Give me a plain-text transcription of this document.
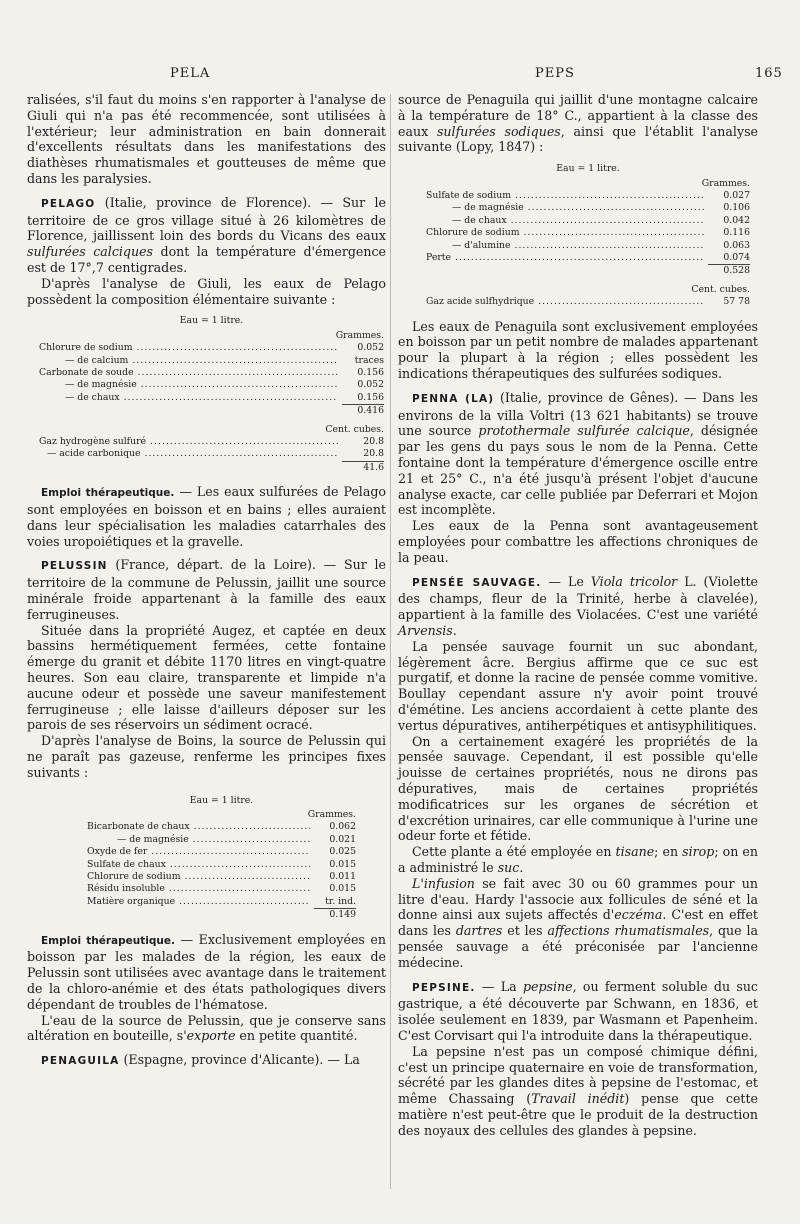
PELA	PEPS	165

ralisées, s'il faut du moins s'en rapporter à l'analyse de Giuli qui n'a pas été recommencée, sont utilisées à l'extérieur; leur administration en bain donnerait d'excellents résultats dans les manifestations des diathèses rhumatismales et goutteuses de même que dans les paralysies.

PELAGO (Italie, province de Florence). — Sur le territoire de ce gros village situé à 26 kilomètres de Florence, jaillissent loin des bords du Vicans des eaux sulfurées calciques dont la température d'émergence est de 17°,7 centigrades.

D'après l'analyse de Giuli, les eaux de Pelago possèdent la composition élémentaire suivante :

Eau = 1 litre.
Grammes.
Chlorure de sodium .....	0.052
— de calcium .....	traces
Carbonate de soude .....	0.156
— de magnésie .....	0.052
— de chaux .....	0.156
0.416
Cent. cubes.
Gaz hydrogène sulfuré .....	20.8
— acide carbonique .....	20.8
41.6

Emploi thérapeutique. — Les eaux sulfurées de Pelago sont employées en boisson et en bains ; elles auraient dans leur spécialisation les maladies catarrhales des voies uropoiétiques et la gravelle.

PELUSSIN (France, départ. de la Loire). — Sur le territoire de la commune de Pelussin, jaillit une source minérale froide appartenant à la famille des eaux ferrugineuses.

Située dans la propriété Augez, et captée en deux bassins hermétiquement fermées, cette fontaine émerge du granit et débite 1170 litres en vingt-quatre heures. Son eau claire, transparente et limpide n'a aucune odeur et possède une saveur manifestement ferrugineuse ; elle laisse d'ailleurs déposer sur les parois de ses réservoirs un sédiment ocracé.

D'après l'analyse de Boins, la source de Pelussin qui ne paraît pas gazeuse, renferme les principes fixes suivants :

Eau = 1 litre.
Grammes.
Bicarbonate de chaux .....	0.062
— de magnésie .....	0.021
Oxyde de fer .....	0.025
Sulfate de chaux .....	0.015
Chlorure de sodium .....	0.011
Résidu insoluble .....	0.015
Matière organique .....	tr. ind.
0.149

Emploi thérapeutique. — Exclusivement employées en boisson par les malades de la région, les eaux de Pelussin sont utilisées avec avantage dans le traitement de la chloro-anémie et des états pathologiques divers dépendant de troubles de l'hématose.

L'eau de la source de Pelussin, que je conserve sans altération en bouteille, s'exporte en petite quantité.

PENAGUILA (Espagne, province d'Alicante). — La

source de Penaguila qui jaillit d'une montagne calcaire à la température de 18° C., appartient à la classe des eaux sulfurées sodiques, ainsi que l'établit l'analyse suivante (Lopy, 1847) :

Eau = 1 litre.
Grammes.
Sulfate de sodium .....	0.027
— de magnésie .....	0.106
— de chaux .....	0.042
Chlorure de sodium .....	0.116
— d'alumine .....	0.063
Perte .....	0.074
0.528
Cent. cubes.
Gaz acide sulfhydrique .....	57 78

Les eaux de Penaguila sont exclusivement employées en boisson par un petit nombre de malades appartenant pour la plupart à la région ; elles possèdent les indications thérapeutiques des sulfurées sodiques.

PENNA (LA) (Italie, province de Gênes). — Dans les environs de la villa Voltri (13 621 habitants) se trouve une source protothermale sulfurée calcique, désignée par les gens du pays sous le nom de la Penna. Cette fontaine dont la température d'émergence oscille entre 21 et 25° C., n'a été jusqu'à présent l'objet d'aucune analyse exacte, car celle publiée par Deferrari et Mojon est incomplète.

Les eaux de la Penna sont avantageusement employées pour combattre les affections chroniques de la peau.

PENSÉE SAUVAGE. — Le Viola tricolor L. (Violette des champs, fleur de la Trinité, herbe à clavelée), appartient à la famille des Violacées. C'est une variété Arvensis.

La pensée sauvage fournit un suc abondant, légèrement âcre. Bergius affirme que ce suc est purgatif, et donne la racine de pensée comme vomitive. Boullay cependant assure n'y avoir point trouvé d'émétine. Les anciens accordaient à cette plante des vertus dépuratives, antiherpétiques et antisyphilitiques.

On a certainement exagéré les propriétés de la pensée sauvage. Cependant, il est possible qu'elle jouisse de certaines propriétés, nous ne dirons pas dépuratives, mais de certaines propriétés modificatrices sur les organes de sécrétion et d'excrétion urinaires, car elle communique à l'urine une odeur forte et fétide.

Cette plante a été employée en tisane; en sirop; on en a administré le suc.

L'infusion se fait avec 30 ou 60 grammes pour un litre d'eau. Hardy l'associe aux follicules de séné et la donne ainsi aux sujets affectés d'eczéma. C'est en effet dans les dartres et les affections rhumatismales, que la pensée sauvage a été préconisée par l'ancienne médecine.

PEPSINE. — La pepsine, ou ferment soluble du suc gastrique, a été découverte par Schwann, en 1836, et isolée seulement en 1839, par Wasmann et Papenheim. C'est Corvisart qui l'a introduite dans la thérapeutique.

La pepsine n'est pas un composé chimique défini, c'est un principe quaternaire en voie de transformation, sécrété par les glandes dites à pepsine de l'estomac, et même Chassaing (Travail inédit) pense que cette matière n'est peut-être que le produit de la destruction des noyaux des cellules des glandes à pepsine.
